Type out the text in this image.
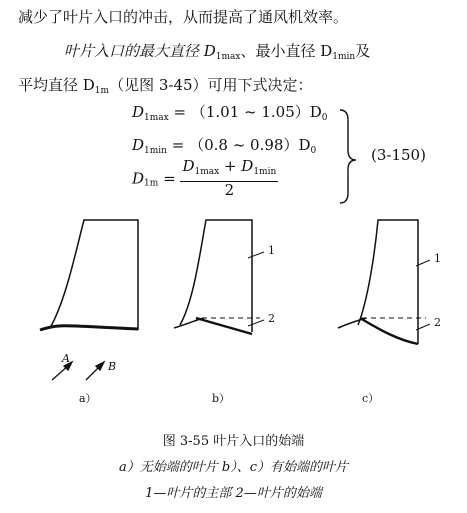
减少了叶片入口的冲击，从而提高了通风机效率。
叶片入口的最大直径 $D_{1max}$、最小直径 $D_{1min}$及
平均直径 $D_{1m}$（见图 3-45）可用下式决定：
$D_{1max} = (1.01$ ~ $1.05)D_0$
$D_{1min} = (0.8$ ~ $0.98)D_0$
$D_{1m} = \frac{D_{1max} + D_{1min}}{2}$
(3-150)
A
B
1
2
1
2
a）	b）	c）
图 3-55 叶片入口的始端
a）无始端的叶片 b）、c）有始端的叶片
1—叶片的主部 2—叶片的始端
